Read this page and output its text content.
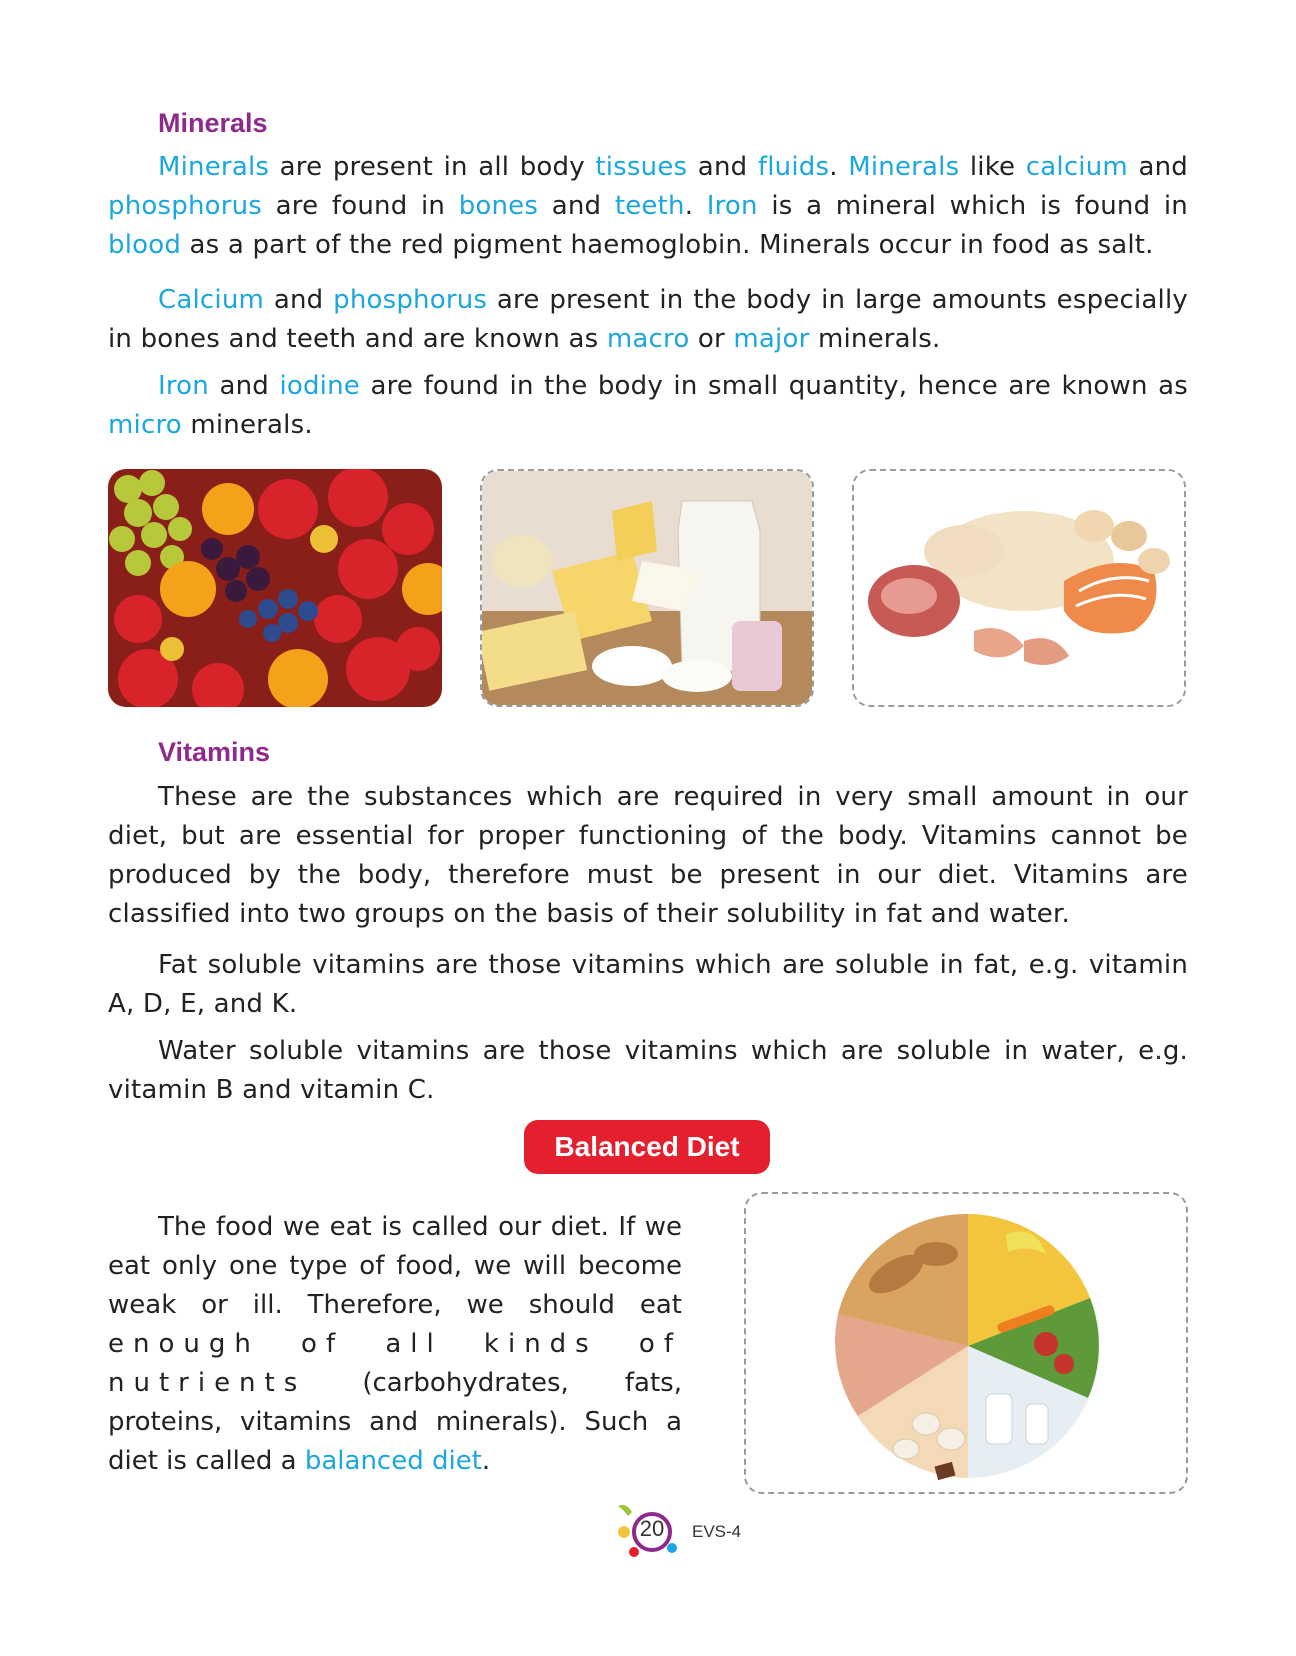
Minerals

Minerals are present in all body tissues and fluids. Minerals like calcium and phosphorus are found in bones and teeth. Iron is a mineral which is found in blood as a part of the red pigment haemoglobin. Minerals occur in food as salt.

Calcium and phosphorus are present in the body in large amounts especially in bones and teeth and are known as macro or major minerals.

Iron and iodine are found in the body in small quantity, hence are known as micro minerals.

Vitamins

These are the substances which are required in very small amount in our diet, but are essential for proper functioning of the body. Vitamins cannot be produced by the body, therefore must be present in our diet. Vitamins are classified into two groups on the basis of their solubility in fat and water.

Fat soluble vitamins are those vitamins which are soluble in fat, e.g. vitamin A, D, E, and K.

Water soluble vitamins are those vitamins which are soluble in water, e.g. vitamin B and vitamin C.

Balanced Diet

The food we eat is called our diet. If we eat only one type of food, we will become weak or ill. Therefore, we should eat enough of all kinds of nutrients (carbohydrates, fats, proteins, vitamins and minerals). Such a diet is called a balanced diet.

20	EVS-4
